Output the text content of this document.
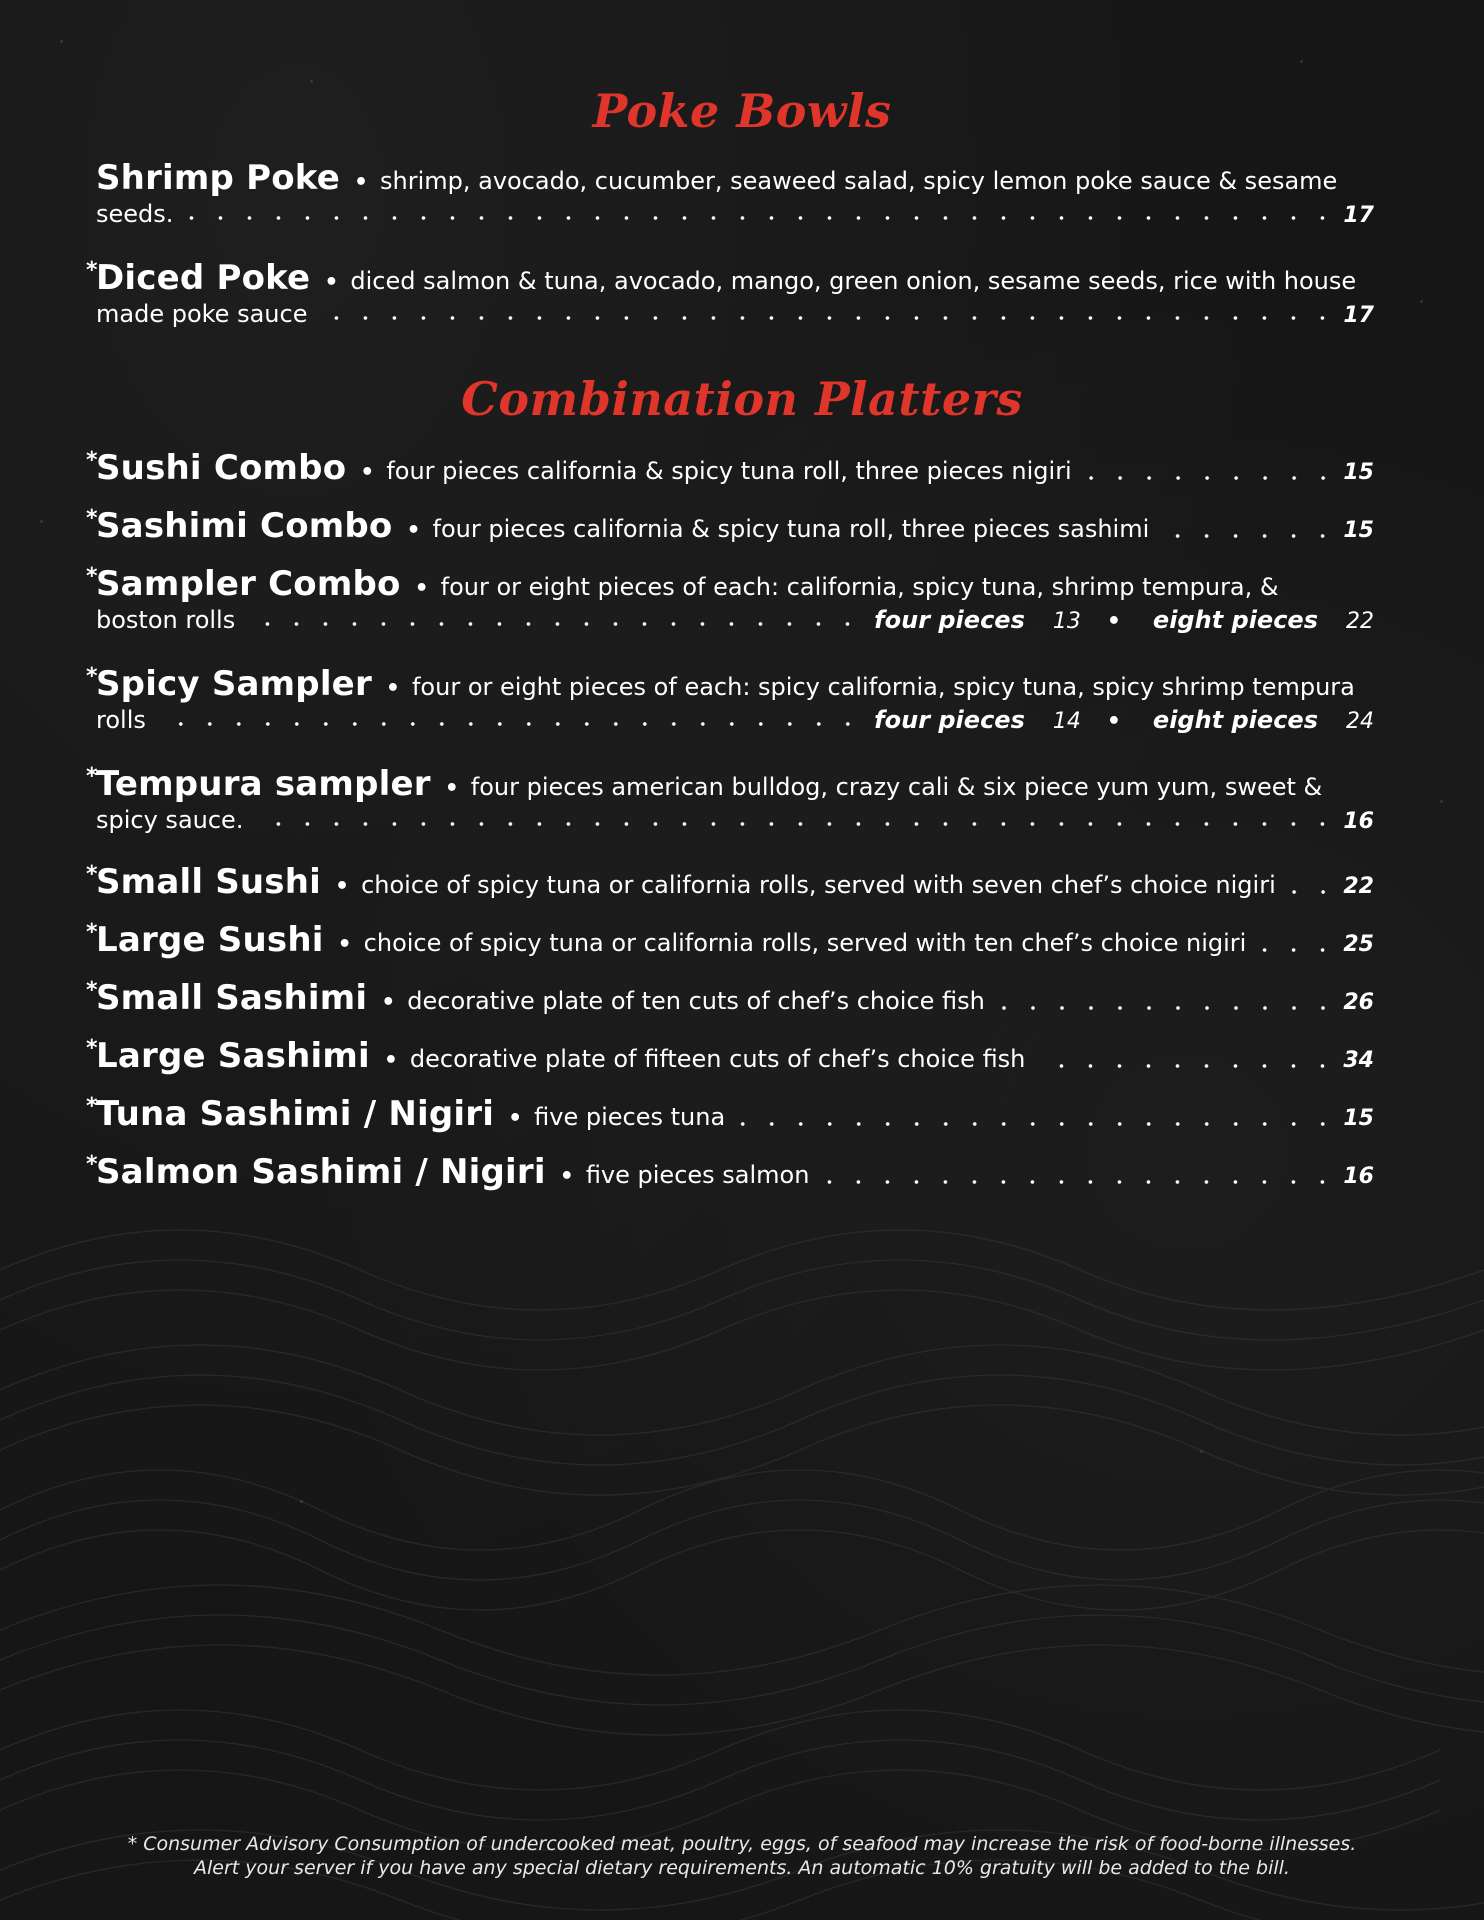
Poke Bowls
Shrimp Poke • shrimp, avocado, cucumber, seaweed salad, spicy lemon poke sauce & sesame
seeds.	17
*
Diced Poke • diced salmon & tuna, avocado, mango, green onion, sesame seeds, rice with house
made poke sauce	17
Combination Platters
*
Sushi Combo • four pieces california & spicy tuna roll, three pieces nigiri	15
*
Sashimi Combo • four pieces california & spicy tuna roll, three pieces sashimi	15
*
Sampler Combo • four or eight pieces of each: california, spicy tuna, shrimp tempura, &
boston rolls	four pieces 13 • eight pieces 22
*
Spicy Sampler • four or eight pieces of each: spicy california, spicy tuna, spicy shrimp tempura
rolls	four pieces 14 • eight pieces 24
*
Tempura sampler • four pieces american bulldog, crazy cali & six piece yum yum, sweet &
spicy sauce.	16
*
Small Sushi • choice of spicy tuna or california rolls, served with seven chef’s choice nigiri	22
*
Large Sushi • choice of spicy tuna or california rolls, served with ten chef’s choice nigiri	25
*
Small Sashimi • decorative plate of ten cuts of chef’s choice fish	26
*
Large Sashimi • decorative plate of fifteen cuts of chef’s choice fish	34
*
Tuna Sashimi / Nigiri • five pieces tuna	15
*
Salmon Sashimi / Nigiri • five pieces salmon	16
* Consumer Advisory Consumption of undercooked meat, poultry, eggs, of seafood may increase the risk of food-borne illnesses.
Alert your server if you have any special dietary requirements. An automatic 10% gratuity will be added to the bill.
